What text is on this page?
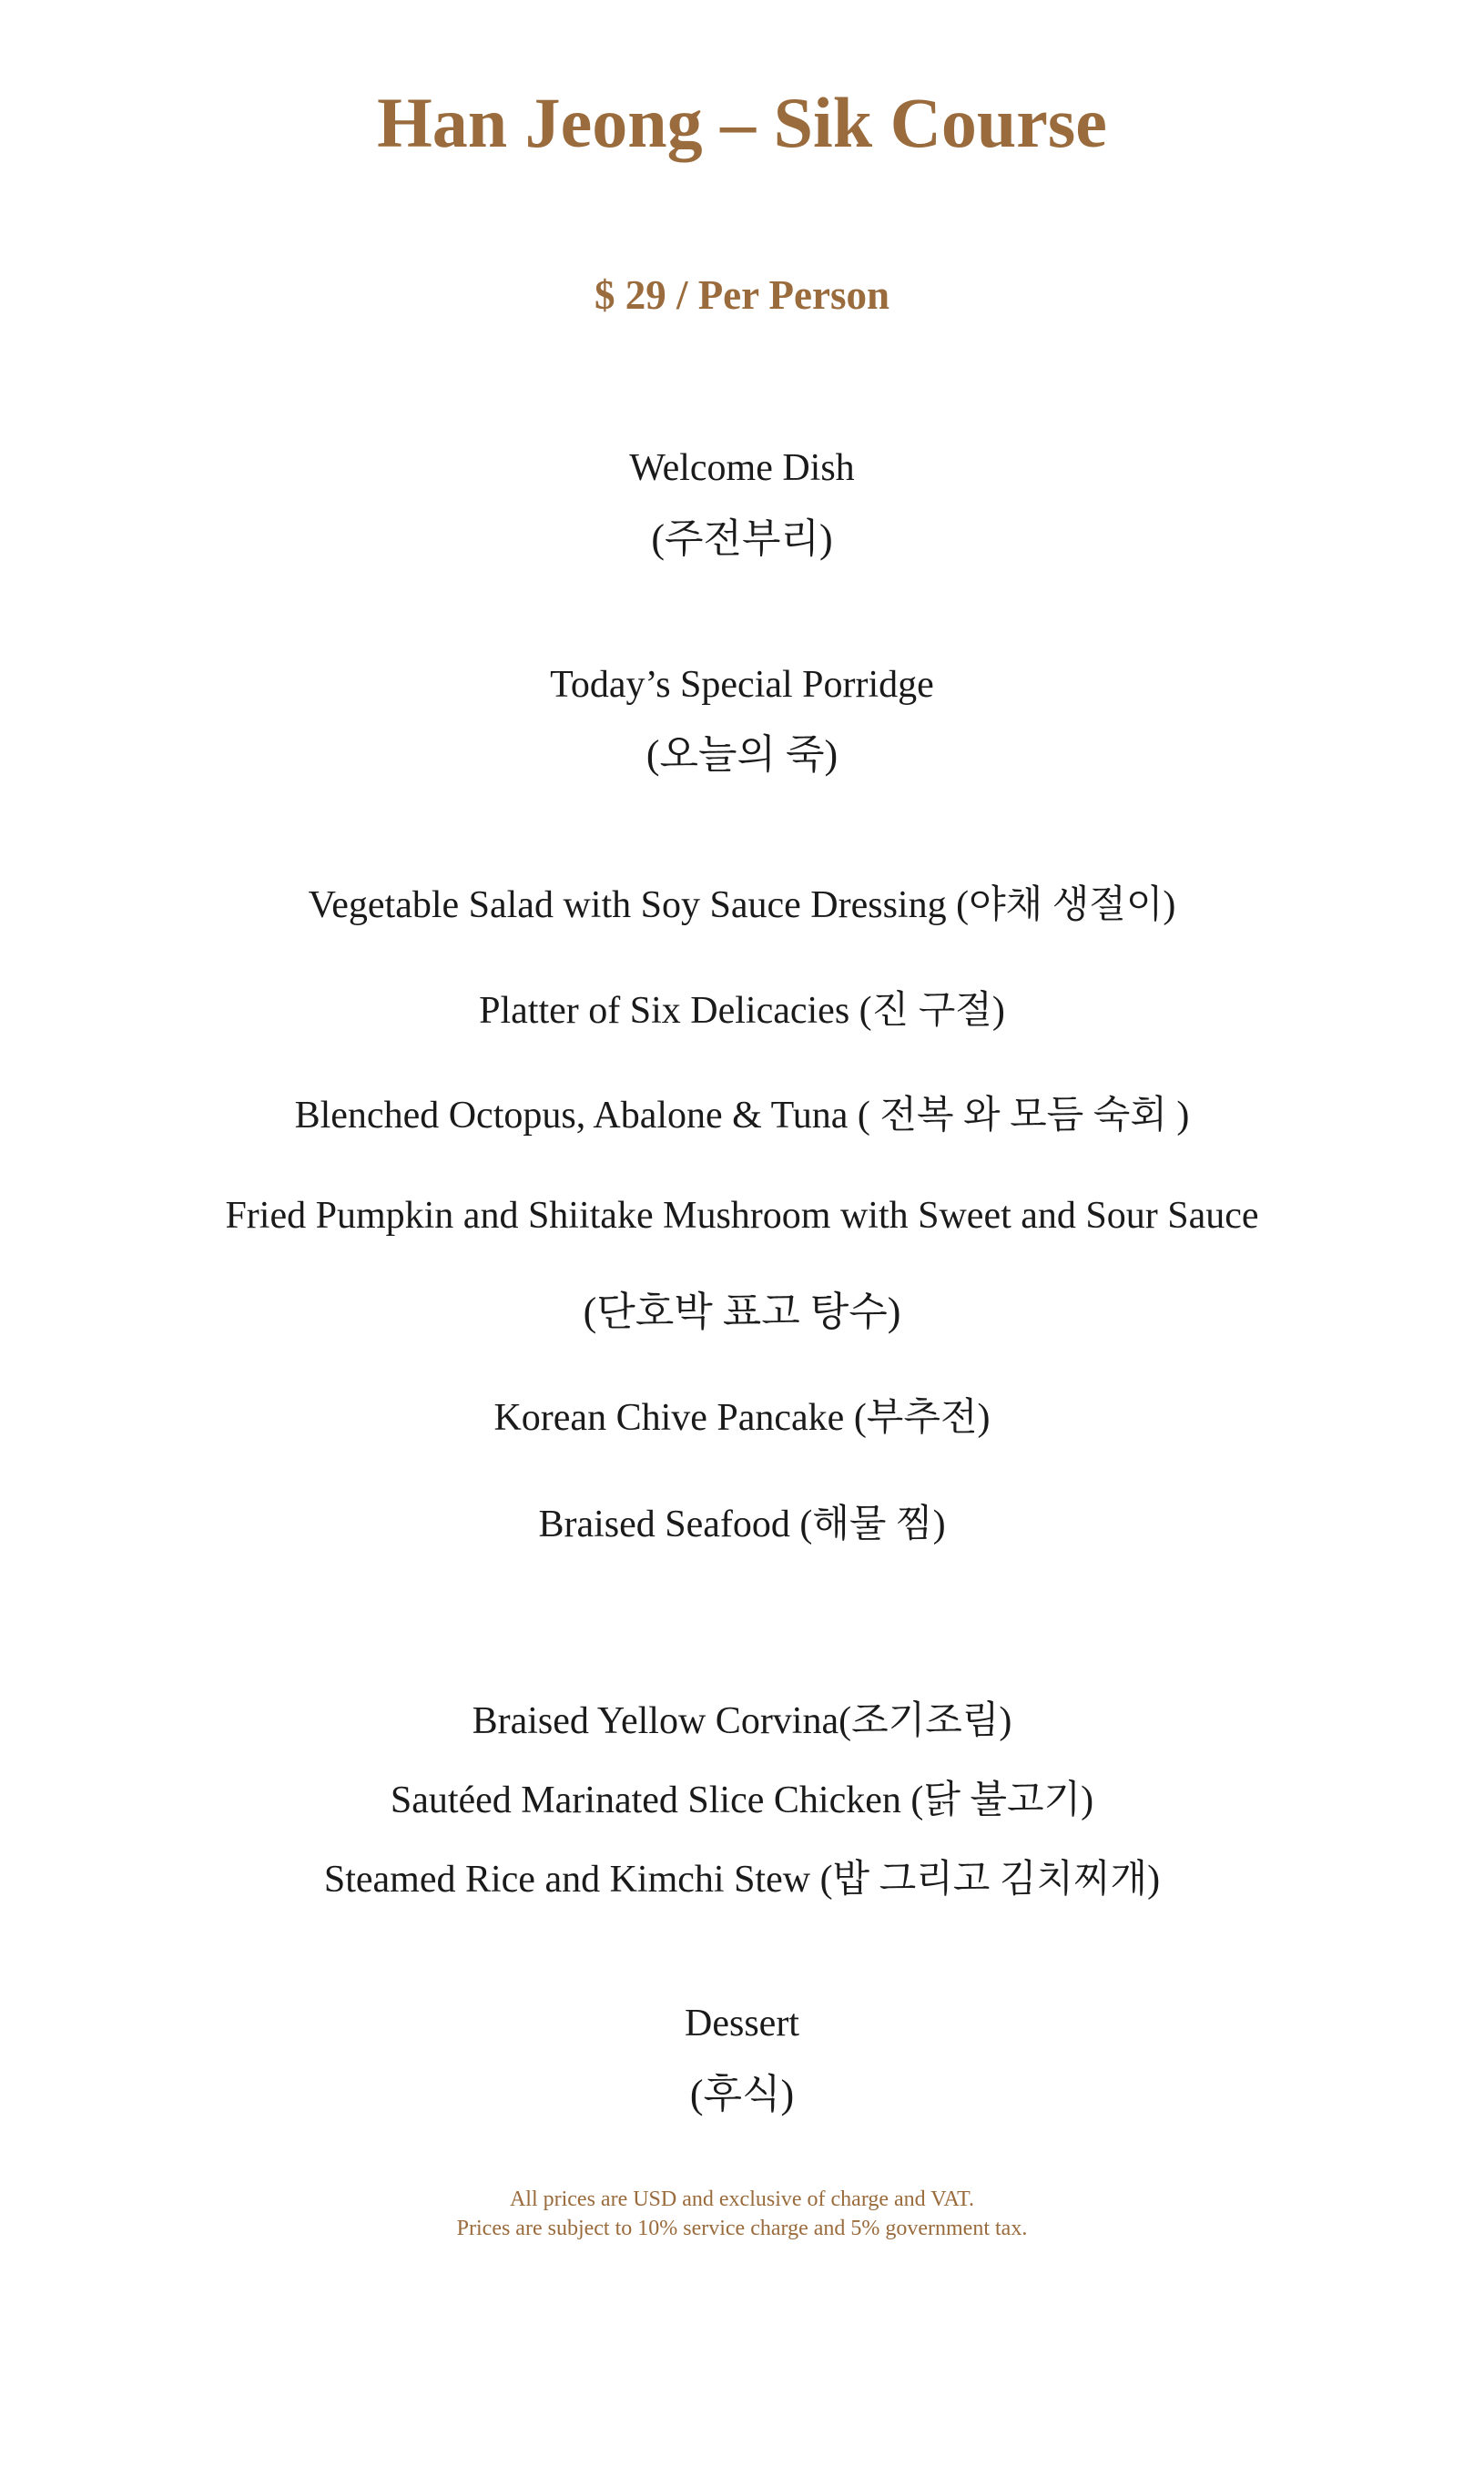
Han Jeong – Sik Course
$ 29 / Per Person
Welcome Dish
(주전부리)
Today’s Special Porridge
(오늘의 죽)
Vegetable Salad with Soy Sauce Dressing (야채 생절이)
Platter of Six Delicacies (진 구절)
Blenched Octopus, Abalone & Tuna ( 전복 와 모듬 숙회 )
Fried Pumpkin and Shiitake Mushroom with Sweet and Sour Sauce
(단호박 표고 탕수)
Korean Chive Pancake (부추전)
Braised Seafood (해물 찜)
Braised Yellow Corvina(조기조림)
Sautéed Marinated Slice Chicken (닭 불고기)
Steamed Rice and Kimchi Stew (밥 그리고 김치찌개)
Dessert
(후식)
All prices are USD and exclusive of charge and VAT.
Prices are subject to 10% service charge and 5% government tax.
